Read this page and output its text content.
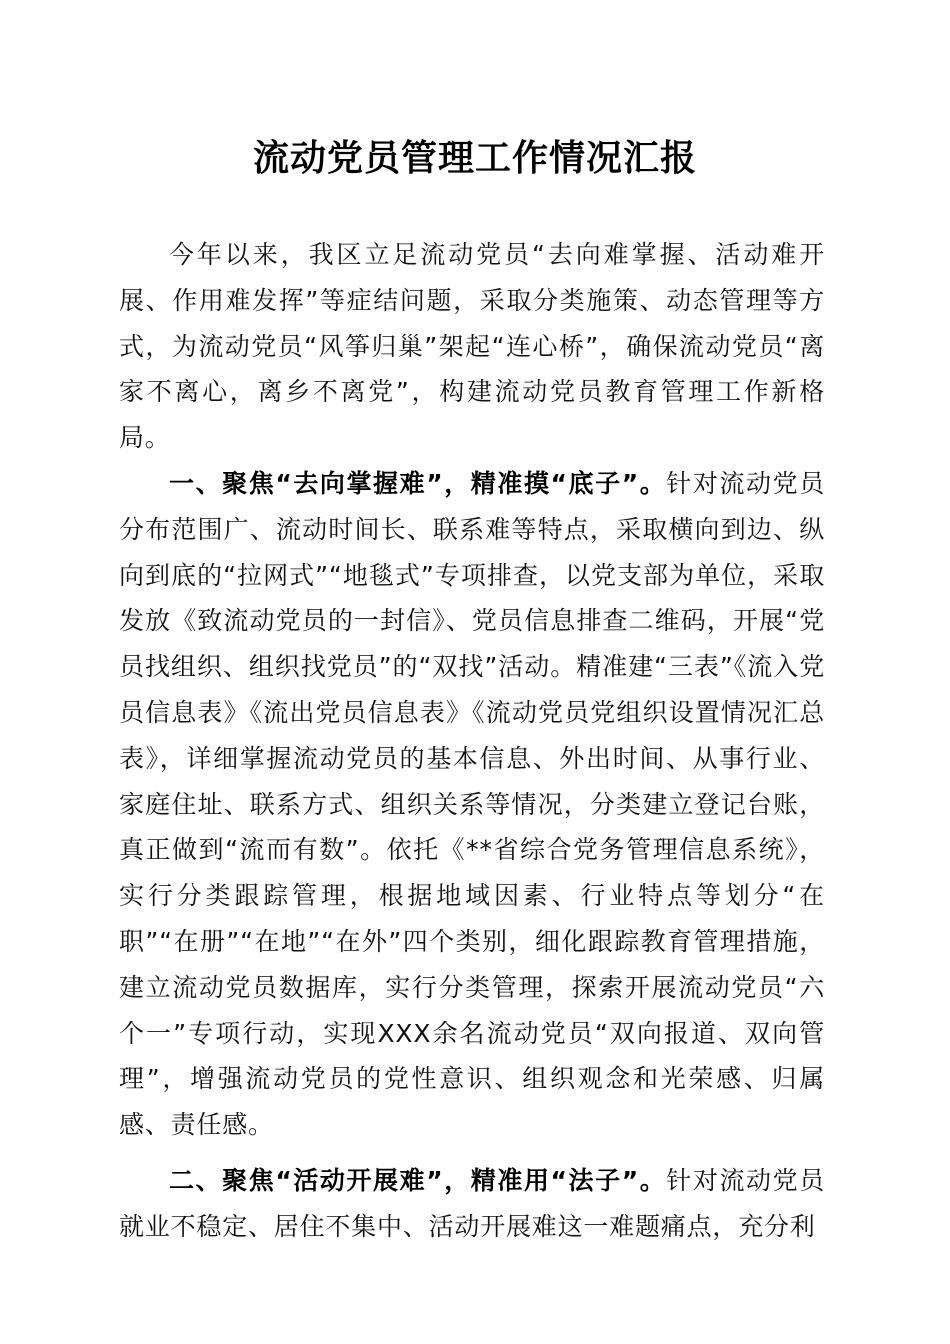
流动党员管理工作情况汇报

今年以来，我区立足流动党员“去向难掌握、活动难开展、作用难发挥”等症结问题，采取分类施策、动态管理等方式，为流动党员“风筝归巢”架起“连心桥”，确保流动党员“离家不离心，离乡不离党”，构建流动党员教育管理工作新格局。

一、聚焦“去向掌握难”，精准摸“底子”。针对流动党员分布范围广、流动时间长、联系难等特点，采取横向到边、纵向到底的“拉网式”“地毯式”专项排查，以党支部为单位，采取发放《致流动党员的一封信》、党员信息排查二维码，开展“党员找组织、组织找党员”的“双找”活动。精准建“三表”《流入党员信息表》《流出党员信息表》《流动党员党组织设置情况汇总表》，详细掌握流动党员的基本信息、外出时间、从事行业、家庭住址、联系方式、组织关系等情况，分类建立登记台账，真正做到“流而有数”。依托《**省综合党务管理信息系统》，实行分类跟踪管理，根据地域因素、行业特点等划分“在职”“在册”“在地”“在外”四个类别，细化跟踪教育管理措施，建立流动党员数据库，实行分类管理，探索开展流动党员“六个一”专项行动，实现XXX余名流动党员“双向报道、双向管理”，增强流动党员的党性意识、组织观念和光荣感、归属感、责任感。

二、聚焦“活动开展难”，精准用“法子”。针对流动党员就业不稳定、居住不集中、活动开展难这一难题痛点，充分利
